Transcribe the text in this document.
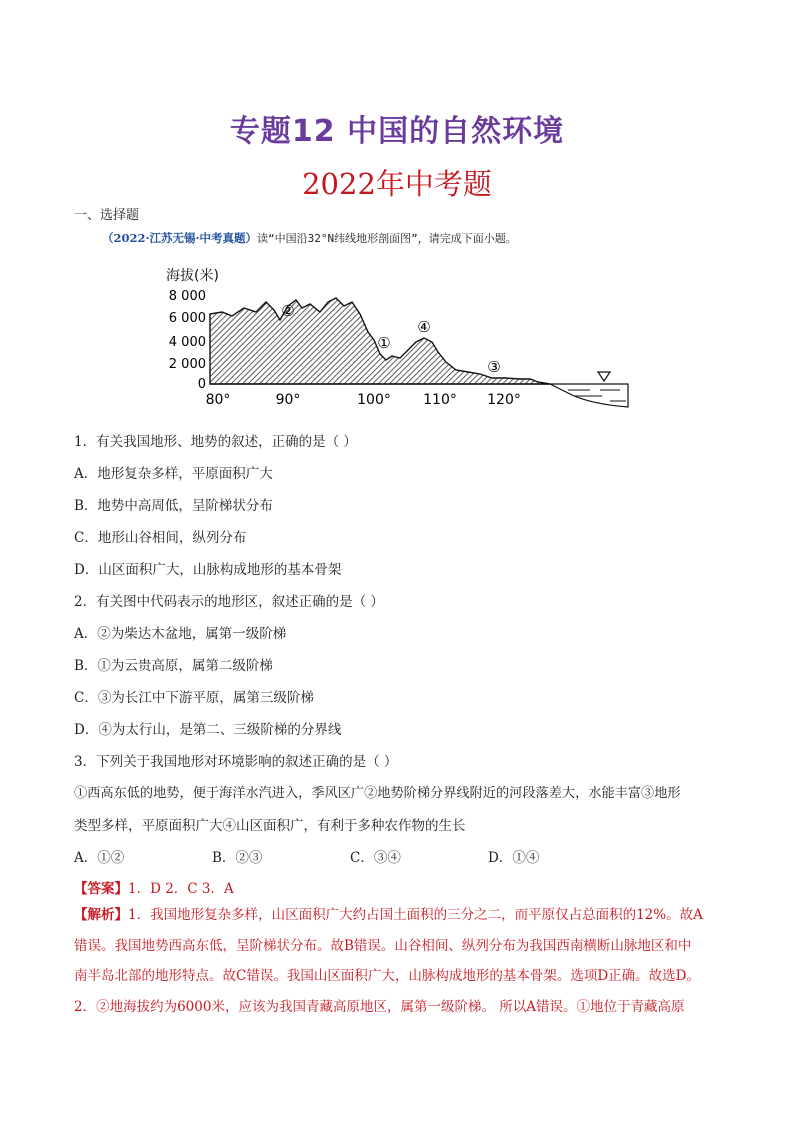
专题12 中国的自然环境
2022年中考题
一、选择题
（2022·江苏无锡·中考真题）读“中国沿32°N纬线地形剖面图”，请完成下面小题。
海拔(米)
8 000
6 000
4 000
2 000
0
②
①
④
③
80°	90°	100° 110° 120°
1．有关我国地形、地势的叙述，正确的是（ ）
A．地形复杂多样，平原面积广大
B．地势中高周低，呈阶梯状分布
C．地形山谷相间，纵列分布
D．山区面积广大，山脉构成地形的基本骨架
2．有关图中代码表示的地形区，叙述正确的是（ ）
A．②为柴达木盆地，属第一级阶梯
B．①为云贵高原，属第二级阶梯
C．③为长江中下游平原，属第三级阶梯
D．④为太行山，是第二、三级阶梯的分界线
3．下列关于我国地形对环境影响的叙述正确的是（ ）
①西高东低的地势，便于海洋水汽进入，季风区广②地势阶梯分界线附近的河段落差大，水能丰富③地形
类型多样，平原面积广大④山区面积广，有利于多种农作物的生长
A．①②	B．②③	C．③④	D．①④
【答案】1．D 2．C 3．A
【解析】1．我国地形复杂多样，山区面积广大约占国土面积的三分之二，而平原仅占总面积的12%。故A
错误。我国地势西高东低，呈阶梯状分布。故B错误。山谷相间、纵列分布为我国西南横断山脉地区和中
南半岛北部的地形特点。故C错误。我国山区面积广大，山脉构成地形的基本骨架。选项D正确。故选D。
2．②地海拔约为6000米，应该为我国青藏高原地区，属第一级阶梯。 所以A错误。①地位于青藏高原
